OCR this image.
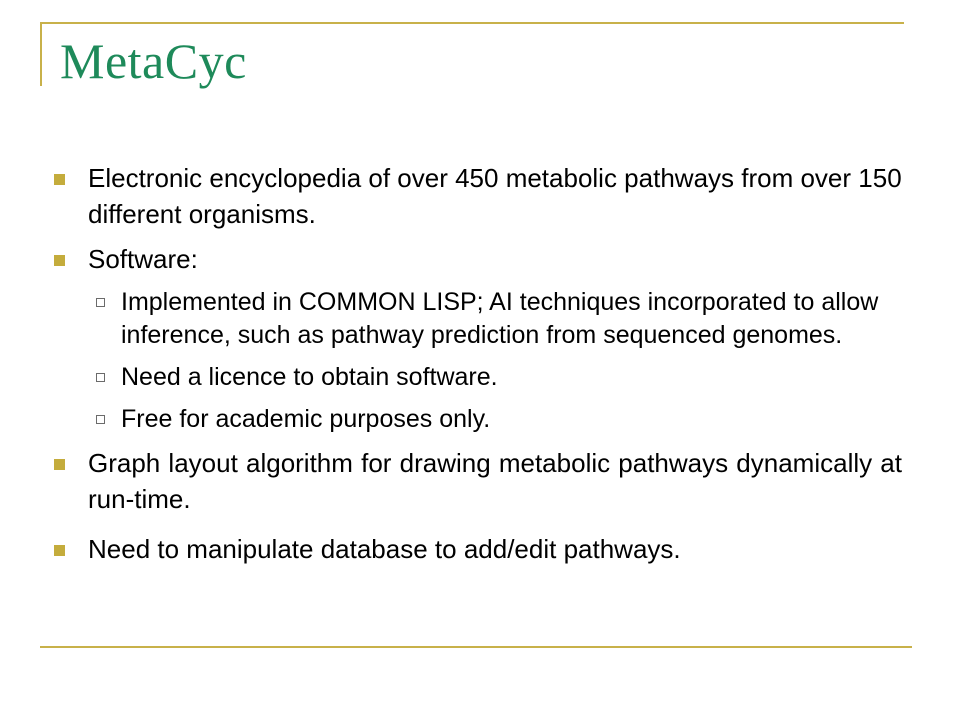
MetaCyc
Electronic encyclopedia of over 450 metabolic pathways from over 150 different organisms.
Software:
Implemented in COMMON LISP; AI techniques incorporated to allow inference, such as pathway prediction from sequenced genomes.
Need a licence to obtain software.
Free for academic purposes only.
Graph layout algorithm for drawing metabolic pathways dynamically at run-time.
Need to manipulate database to add/edit pathways.
